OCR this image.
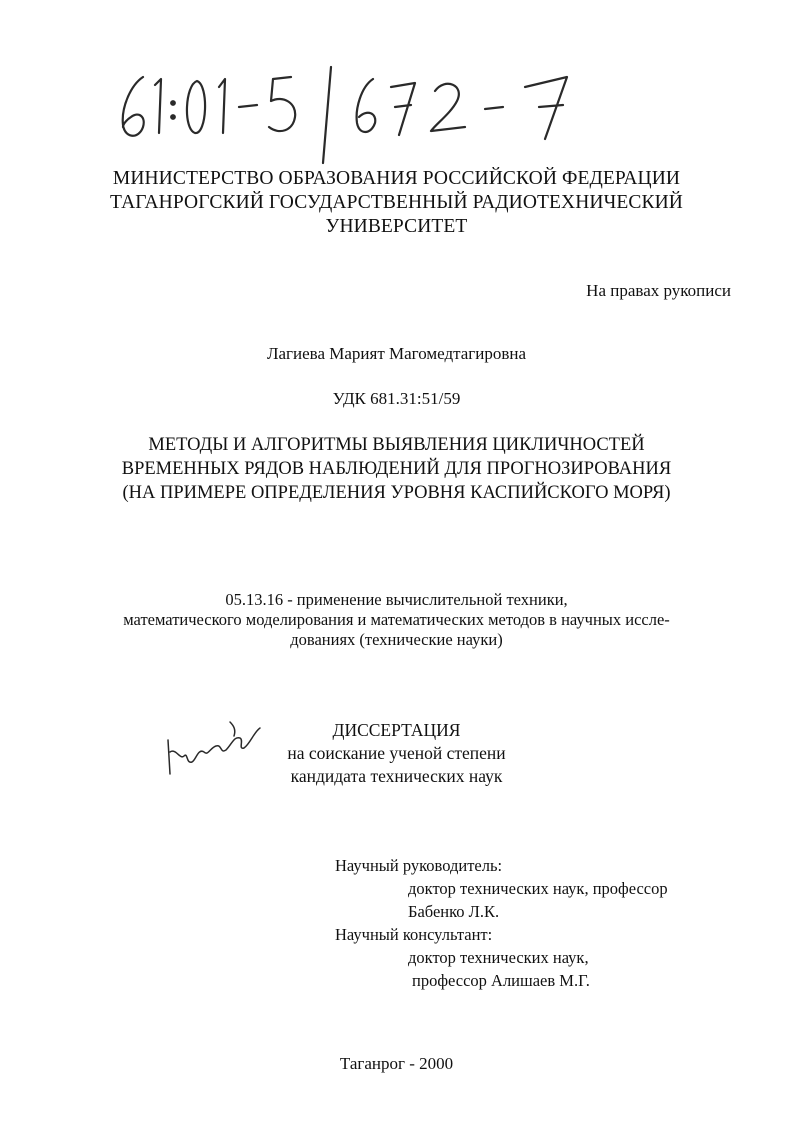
МИНИСТЕРСТВО ОБРАЗОВАНИЯ РОССИЙСКОЙ ФЕДЕРАЦИИ
ТАГАНРОГСКИЙ ГОСУДАРСТВЕННЫЙ РАДИОТЕХНИЧЕСКИЙ
УНИВЕРСИТЕТ
На правах рукописи
Лагиева Марият Магомедтагировна
УДК 681.31:51/59
МЕТОДЫ И АЛГОРИТМЫ ВЫЯВЛЕНИЯ ЦИКЛИЧНОСТЕЙ
ВРЕМЕННЫХ РЯДОВ НАБЛЮДЕНИЙ ДЛЯ ПРОГНОЗИРОВАНИЯ
(НА ПРИМЕРЕ ОПРЕДЕЛЕНИЯ УРОВНЯ КАСПИЙСКОГО МОРЯ)
05.13.16 - применение вычислительной техники,
математического моделирования и математических методов в научных иссле-
дованиях (технические науки)
ДИССЕРТАЦИЯ
на соискание ученой степени
кандидата технических наук
Научный руководитель:
доктор технических наук, профессор
Бабенко Л.К.
Научный консультант:
доктор технических наук,
профессор Алишаев М.Г.
Таганрог - 2000
